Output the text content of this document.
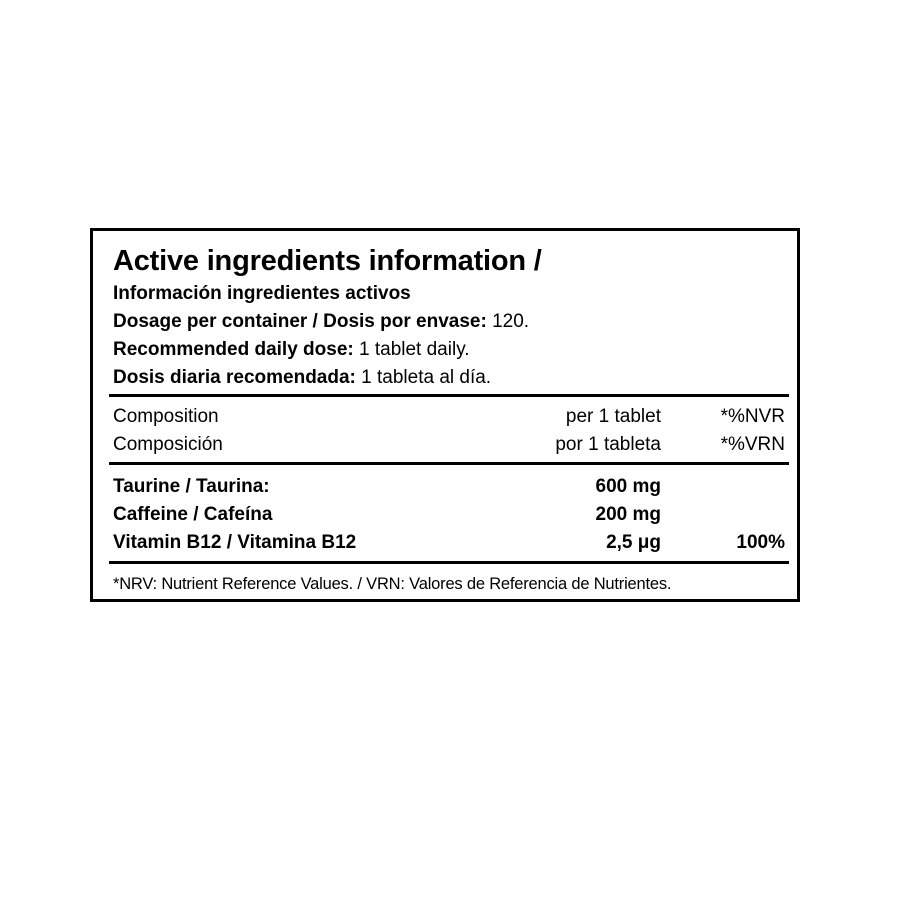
Active ingredients information /
Información ingredientes activos
Dosage per container / Dosis por envase: 120.
Recommended daily dose: 1 tablet daily.
Dosis diaria recomendada: 1 tableta al día.
Composition	per 1 tablet	*%NVR
Composición	por 1 tableta	*%VRN
Taurine / Taurina:	600 mg
Caffeine / Cafeína	200 mg
Vitamin B12 / Vitamina B12	2,5 μg	100%
*NRV: Nutrient Reference Values. / VRN: Valores de Referencia de Nutrientes.
